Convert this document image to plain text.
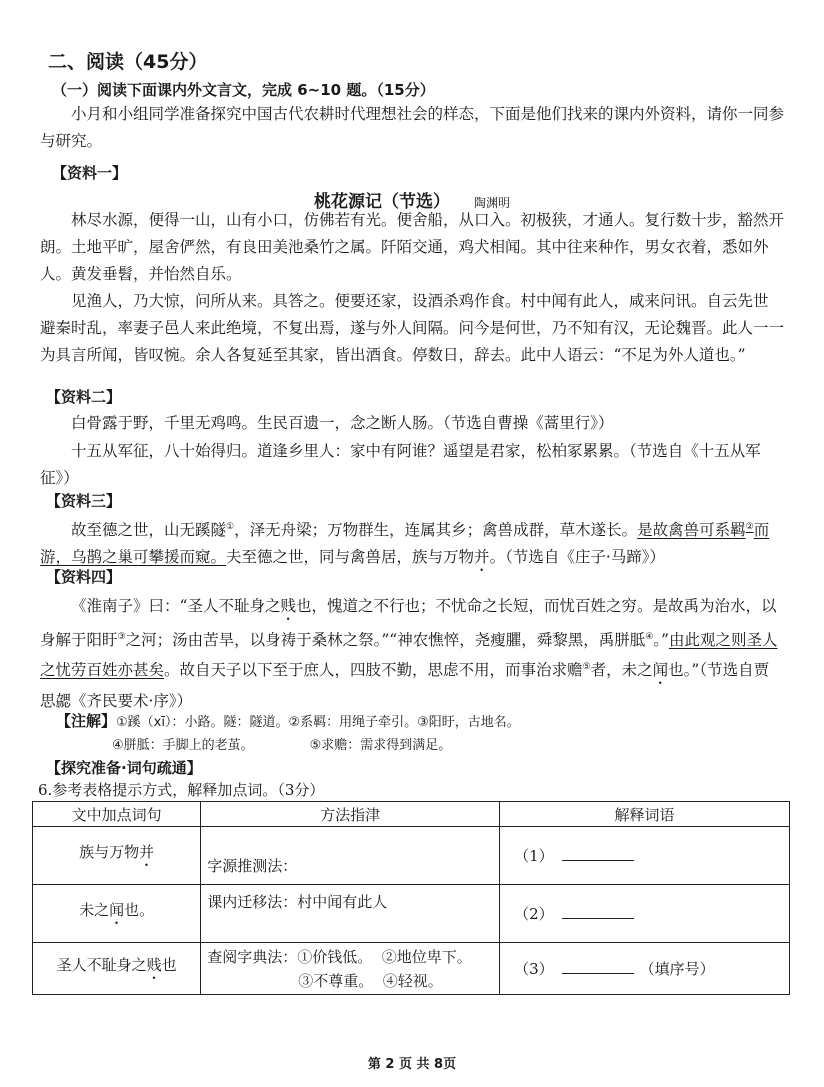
二、阅读（45分）
（一）阅读下面课内外文言文，完成 6~10 题。（15分）
小月和小组同学准备探究中国古代农耕时代理想社会的样态，下面是他们找来的课内外资料，请你一同参与研究。
【资料一】
桃花源记（节选） 陶渊明
林尽水源，便得一山，山有小口，仿佛若有光。便舍船，从口入。初极狭，才通人。复行数十步，豁然开朗。土地平旷，屋舍俨然，有良田美池桑竹之属。阡陌交通，鸡犬相闻。其中往来种作，男女衣着，悉如外人。黄发垂髫，并怡然自乐。
见渔人，乃大惊，问所从来。具答之。便要还家，设酒杀鸡作食。村中闻有此人，咸来问讯。自云先世避秦时乱，率妻子邑人来此绝境，不复出焉，遂与外人间隔。问今是何世，乃不知有汉，无论魏晋。此人一一为具言所闻，皆叹惋。余人各复延至其家，皆出酒食。停数日，辞去。此中人语云：“不足为外人道也。”
【资料二】
白骨露于野，千里无鸡鸣。生民百遗一，念之断人肠。（节选自曹操《蒿里行》）
十五从军征，八十始得归。道逢乡里人：家中有阿谁？遥望是君家，松柏冢累累。（节选自《十五从军征》）
【资料三】
故至德之世，山无蹊隧①，泽无舟梁；万物群生，连属其乡；禽兽成群，草木遂长。是故禽兽可系羁②而游，乌鹊之巢可攀援而窥。夫至德之世，同与禽兽居，族与万物并。（节选自《庄子·马蹄》）
【资料四】
《淮南子》曰：“圣人不耻身之贱也，愧道之不行也；不忧命之长短，而忧百姓之穷。是故禹为治水，以身解于阳盱③之河；汤由苦旱，以身祷于桑林之祭。”“神农憔悴，尧瘦臞，舜黎黑，禹胼胝④。”由此观之则圣人之忧劳百姓亦甚矣。故自天子以下至于庶人，四肢不勤，思虑不用，而事治求赡⑤者，未之闻也。”（节选自贾思勰《齐民要术·序》）
【注解】①蹊（xī）：小路。隧：隧道。②系羁：用绳子牵引。③阳盱，古地名。
④胼胝：手脚上的老茧。	⑤求赡：需求得到满足。
【探究准备·词句疏通】
6.参考表格提示方式，解释加点词。（3分）
文中加点词句	方法指津	解释词语
族与万物并	字源推测法：	（1）
未之闻也。	课内迁移法：村中闻有此人	（2）
圣人不耻身之贱也	查阅字典法：①价钱低。  ②地位卑下。
③不尊重。  ④轻视。	（3） （填序号）
第 2 页 共 8页
